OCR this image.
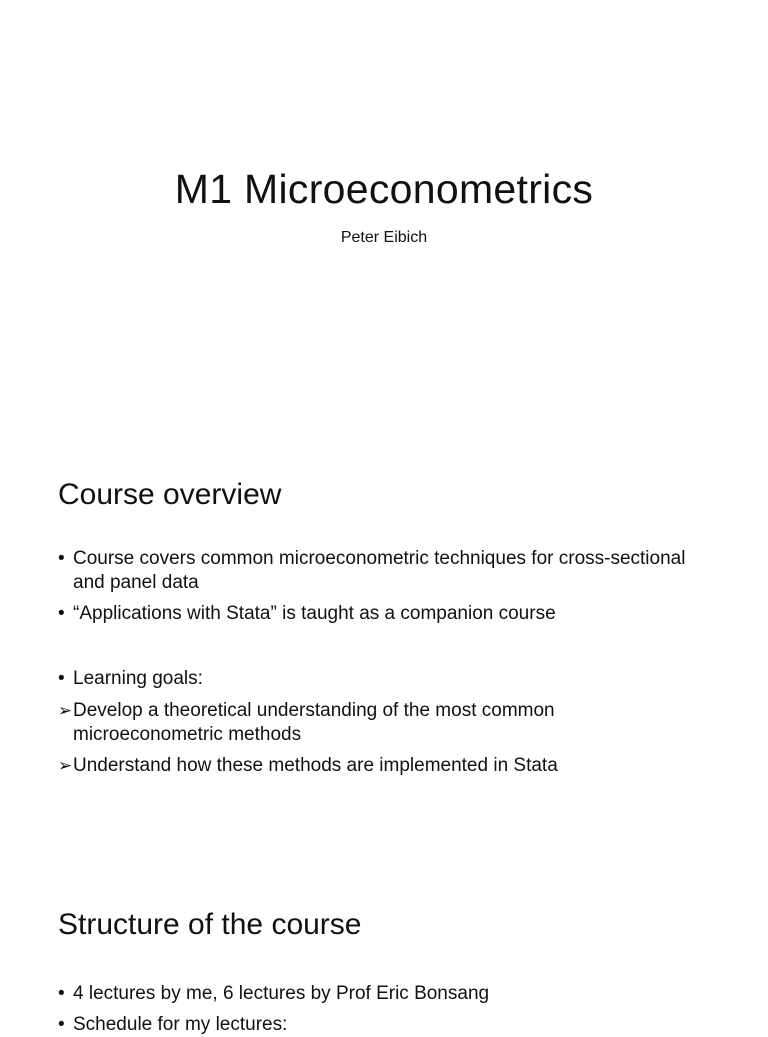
M1 Microeconometrics

Peter Eibich

Course overview
• Course covers common microeconometric techniques for cross-sectional and panel data
• “Applications with Stata” is taught as a companion course
• Learning goals:
➢ Develop a theoretical understanding of the most common microeconometric methods
➢ Understand how these methods are implemented in Stata
Structure of the course
• 4 lectures by me, 6 lectures by Prof Eric Bonsang
• Schedule for my lectures:
